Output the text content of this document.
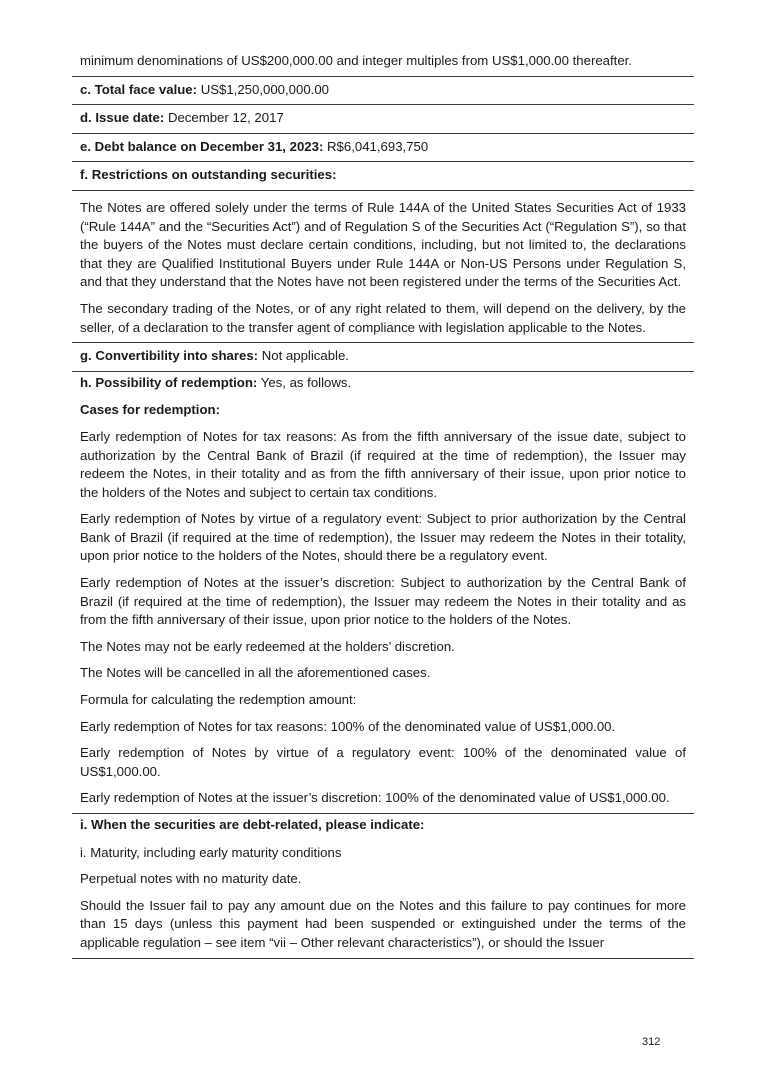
minimum denominations of US$200,000.00 and integer multiples from US$1,000.00 thereafter.

c. Total face value: US$1,250,000,000.00

d. Issue date: December 12, 2017

e. Debt balance on December 31, 2023: R$6,041,693,750

f. Restrictions on outstanding securities:

The Notes are offered solely under the terms of Rule 144A of the United States Securities Act of 1933 (“Rule 144A” and the “Securities Act”) and of Regulation S of the Securities Act (“Regulation S”), so that the buyers of the Notes must declare certain conditions, including, but not limited to, the declarations that they are Qualified Institutional Buyers under Rule 144A or Non-US Persons under Regulation S, and that they understand that the Notes have not been registered under the terms of the Securities Act.

The secondary trading of the Notes, or of any right related to them, will depend on the delivery, by the seller, of a declaration to the transfer agent of compliance with legislation applicable to the Notes.

g. Convertibility into shares: Not applicable.

h. Possibility of redemption: Yes, as follows.

Cases for redemption:

Early redemption of Notes for tax reasons: As from the fifth anniversary of the issue date, subject to authorization by the Central Bank of Brazil (if required at the time of redemption), the Issuer may redeem the Notes, in their totality and as from the fifth anniversary of their issue, upon prior notice to the holders of the Notes and subject to certain tax conditions.

Early redemption of Notes by virtue of a regulatory event: Subject to prior authorization by the Central Bank of Brazil (if required at the time of redemption), the Issuer may redeem the Notes in their totality, upon prior notice to the holders of the Notes, should there be a regulatory event.

Early redemption of Notes at the issuer’s discretion: Subject to authorization by the Central Bank of Brazil (if required at the time of redemption), the Issuer may redeem the Notes in their totality and as from the fifth anniversary of their issue, upon prior notice to the holders of the Notes.

The Notes may not be early redeemed at the holders’ discretion.

The Notes will be cancelled in all the aforementioned cases.

Formula for calculating the redemption amount:

Early redemption of Notes for tax reasons: 100% of the denominated value of US$1,000.00.

Early redemption of Notes by virtue of a regulatory event: 100% of the denominated value of US$1,000.00.

Early redemption of Notes at the issuer’s discretion: 100% of the denominated value of US$1,000.00.

i. When the securities are debt-related, please indicate:

i. Maturity, including early maturity conditions

Perpetual notes with no maturity date.

Should the Issuer fail to pay any amount due on the Notes and this failure to pay continues for more than 15 days (unless this payment had been suspended or extinguished under the terms of the applicable regulation – see item “vii – Other relevant characteristics”), or should the Issuer

312
